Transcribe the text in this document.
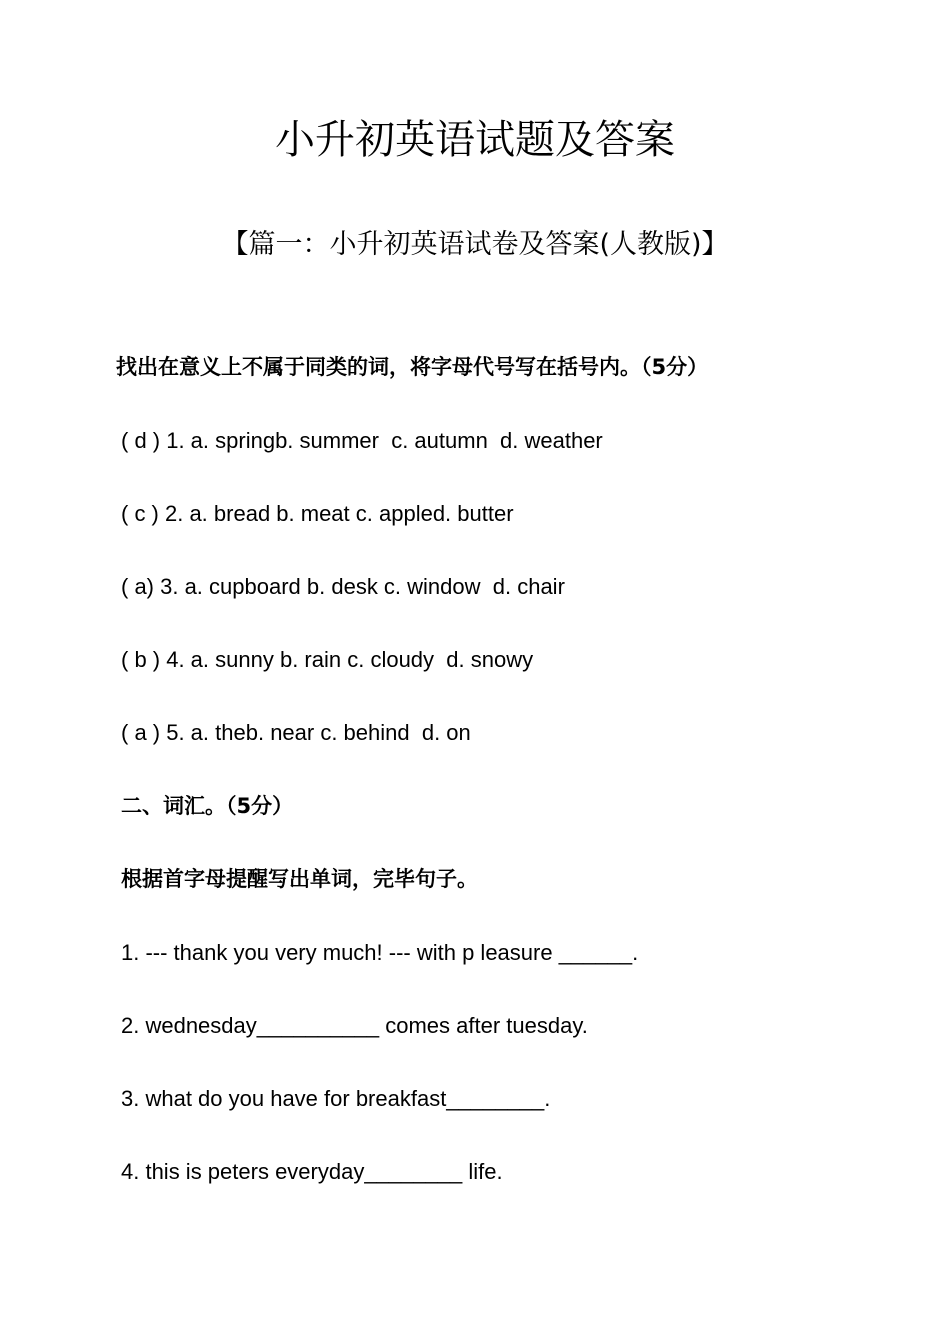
小升初英语试题及答案
【篇一：小升初英语试卷及答案(人教版)】
找出在意义上不属于同类的词，将字母代号写在括号内。（5分）
( d ) 1. a. springb. summer  c. autumn  d. weather
( c ) 2. a. bread b. meat c. appled. butter
( a) 3. a. cupboard b. desk c. window  d. chair
( b ) 4. a. sunny b. rain c. cloudy  d. snowy
( a ) 5. a. theb. near c. behind  d. on
二、词汇。（5分）
根据首字母提醒写出单词，完毕句子。
1. --- thank you very much! --- with p leasure ______.
2. wednesday__________ comes after tuesday.
3. what do you have for breakfast________.
4. this is peters everyday________ life.
